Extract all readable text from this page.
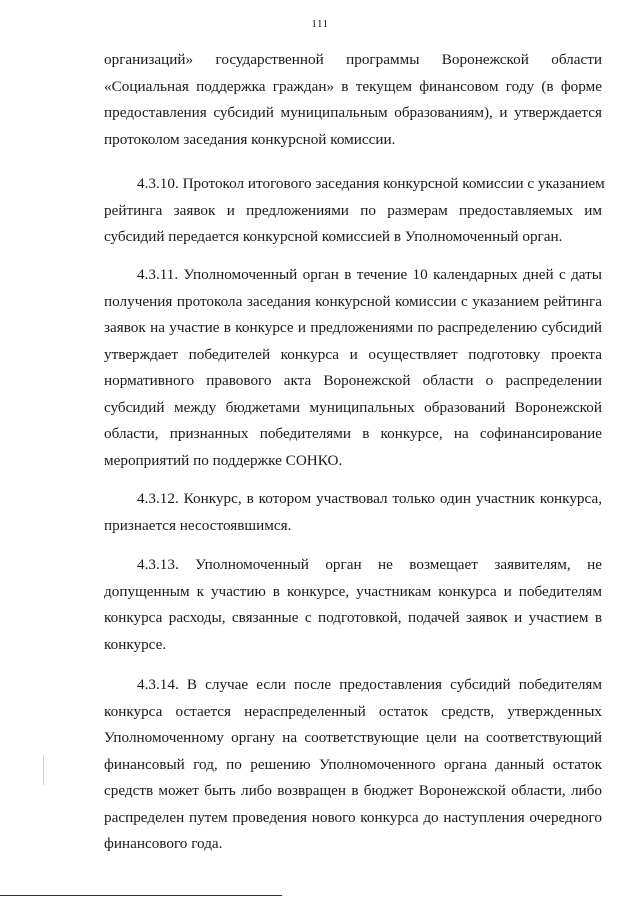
111
организаций» государственной программы Воронежской области
«Социальная поддержка граждан» в текущем финансовом году (в форме
предоставления субсидий муниципальным образованиям), и утверждается
протоколом заседания конкурсной комиссии.
4.3.10. Протокол итогового заседания конкурсной комиссии с указанием
рейтинга заявок и предложениями по размерам предоставляемых им
субсидий передается конкурсной комиссией в Уполномоченный орган.
4.3.11. Уполномоченный орган в течение 10 календарных дней с даты
получения протокола заседания конкурсной комиссии с указанием рейтинга
заявок на участие в конкурсе и предложениями по распределению субсидий
утверждает победителей конкурса и осуществляет подготовку проекта
нормативного правового акта Воронежской области о распределении
субсидий между бюджетами муниципальных образований Воронежской
области, признанных победителями в конкурсе, на софинансирование
мероприятий по поддержке СОНКО.
4.3.12. Конкурс, в котором участвовал только один участник конкурса,
признается несостоявшимся.
4.3.13. Уполномоченный орган не возмещает заявителям, не
допущенным к участию в конкурсе, участникам конкурса и победителям
конкурса расходы, связанные с подготовкой, подачей заявок и участием в
конкурсе.
4.3.14. В случае если после предоставления субсидий победителям
конкурса остается нераспределенный остаток средств, утвержденных
Уполномоченному органу на соответствующие цели на соответствующий
финансовый год, по решению Уполномоченного органа данный остаток
средств может быть либо возвращен в бюджет Воронежской области, либо
распределен путем проведения нового конкурса до наступления очередного
финансового года.
